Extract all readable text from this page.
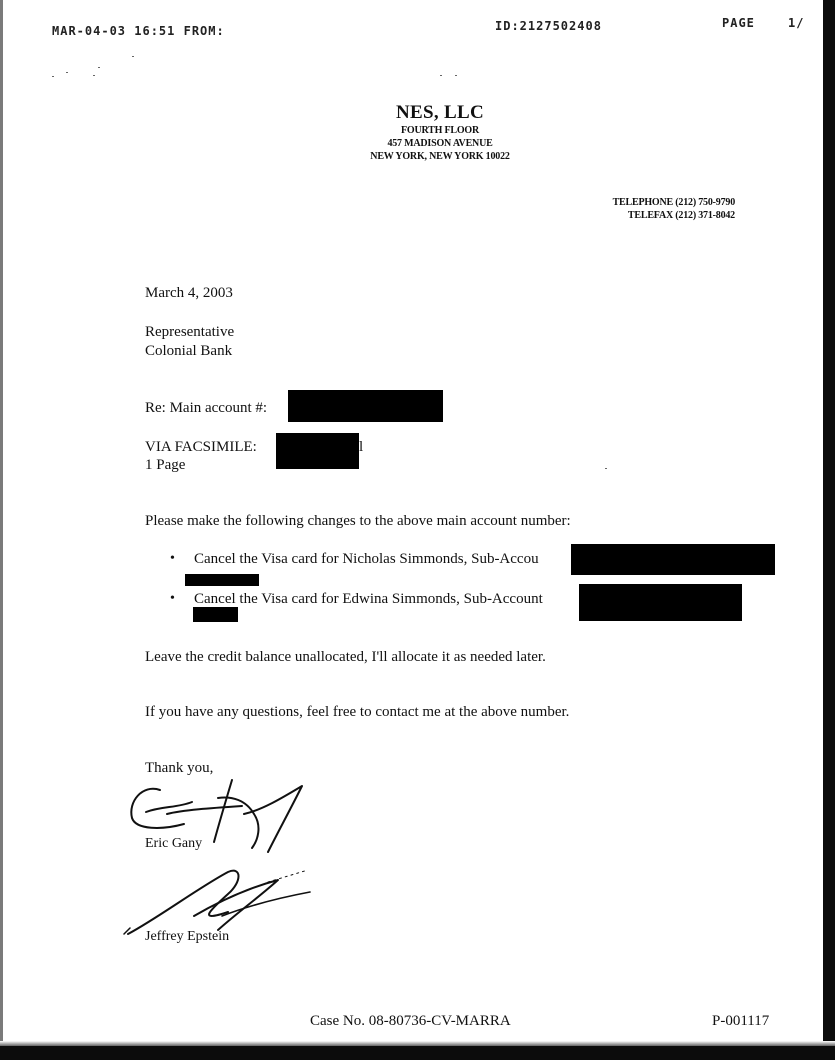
MAR-04-03 16:51 FROM:	ID:2127502408	PAGE	1/
NES, LLC
FOURTH FLOOR
457 MADISON AVENUE
NEW YORK, NEW YORK 10022
TELEPHONE (212) 750-9790
TELEFAX (212) 371-8042
March 4, 2003
Representative
Colonial Bank
Re: Main account #:
VIA FACSIMILE:	l
1 Page
Please make the following changes to the above main account number:
• Cancel the Visa card for Nicholas Simmonds, Sub-Accou
• Cancel the Visa card for Edwina Simmonds, Sub-Account
Leave the credit balance unallocated, I'll allocate it as needed later.
If you have any questions, feel free to contact me at the above number.
Thank you,
Eric Gany
Jeffrey Epstein
Case No. 08-80736-CV-MARRA	P-001117
